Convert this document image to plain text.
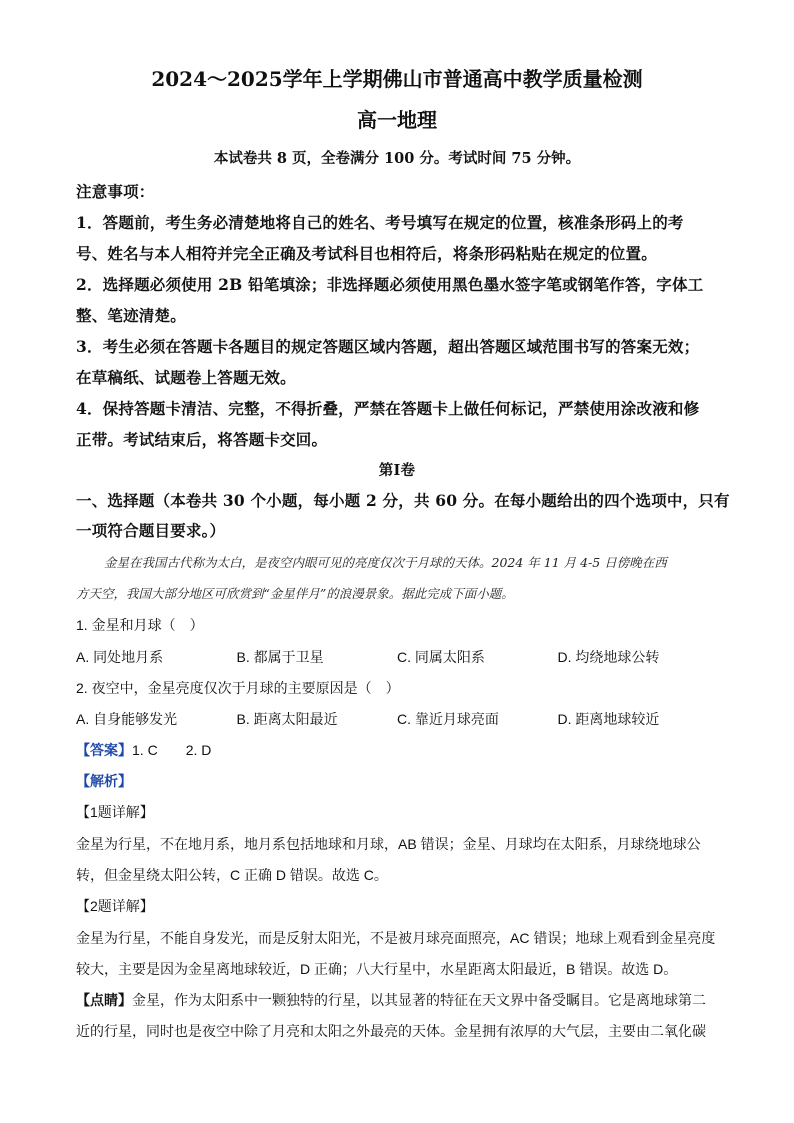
2024～2025学年上学期佛山市普通高中教学质量检测
高一地理
本试卷共 8 页，全卷满分 100 分。考试时间 75 分钟。
注意事项：
1．答题前，考生务必清楚地将自己的姓名、考号填写在规定的位置，核准条形码上的考
号、姓名与本人相符并完全正确及考试科目也相符后，将条形码粘贴在规定的位置。
2．选择题必须使用 2B 铅笔填涂；非选择题必须使用黑色墨水签字笔或钢笔作答，字体工
整、笔迹清楚。
3．考生必须在答题卡各题目的规定答题区域内答题，超出答题区域范围书写的答案无效；
在草稿纸、试题卷上答题无效。
4．保持答题卡清洁、完整，不得折叠，严禁在答题卡上做任何标记，严禁使用涂改液和修
正带。考试结束后，将答题卡交回。
第Ⅰ卷
一、选择题（本卷共 30 个小题，每小题 2 分，共 60 分。在每小题给出的四个选项中，只有
一项符合题目要求。）
金星在我国古代称为太白，是夜空内眼可见的亮度仅次于月球的天体。2024 年 11 月 4-5 日傍晚在西
方天空，我国大部分地区可欣赏到“金星伴月”的浪漫景象。据此完成下面小题。
1. 金星和月球（　）
A. 同处地月系	B. 都属于卫星	C. 同属太阳系	D. 均绕地球公转
2. 夜空中，金星亮度仅次于月球的主要原因是（　）
A. 自身能够发光	B. 距离太阳最近	C. 靠近月球亮面	D. 距离地球较近
【答案】1. C 2. D
【解析】
【1题详解】
金星为行星，不在地月系，地月系包括地球和月球，AB 错误；金星、月球均在太阳系，月球绕地球公
转，但金星绕太阳公转，C 正确 D 错误。故选 C。
【2题详解】
金星为行星，不能自身发光，而是反射太阳光，不是被月球亮面照亮，AC 错误；地球上观看到金星亮度
较大，主要是因为金星离地球较近，D 正确；八大行星中，水星距离太阳最近，B 错误。故选 D。
【点睛】金星，作为太阳系中一颗独特的行星，以其显著的特征在天文界中备受瞩目。它是离地球第二
近的行星，同时也是夜空中除了月亮和太阳之外最亮的天体。金星拥有浓厚的大气层，主要由二氧化碳
